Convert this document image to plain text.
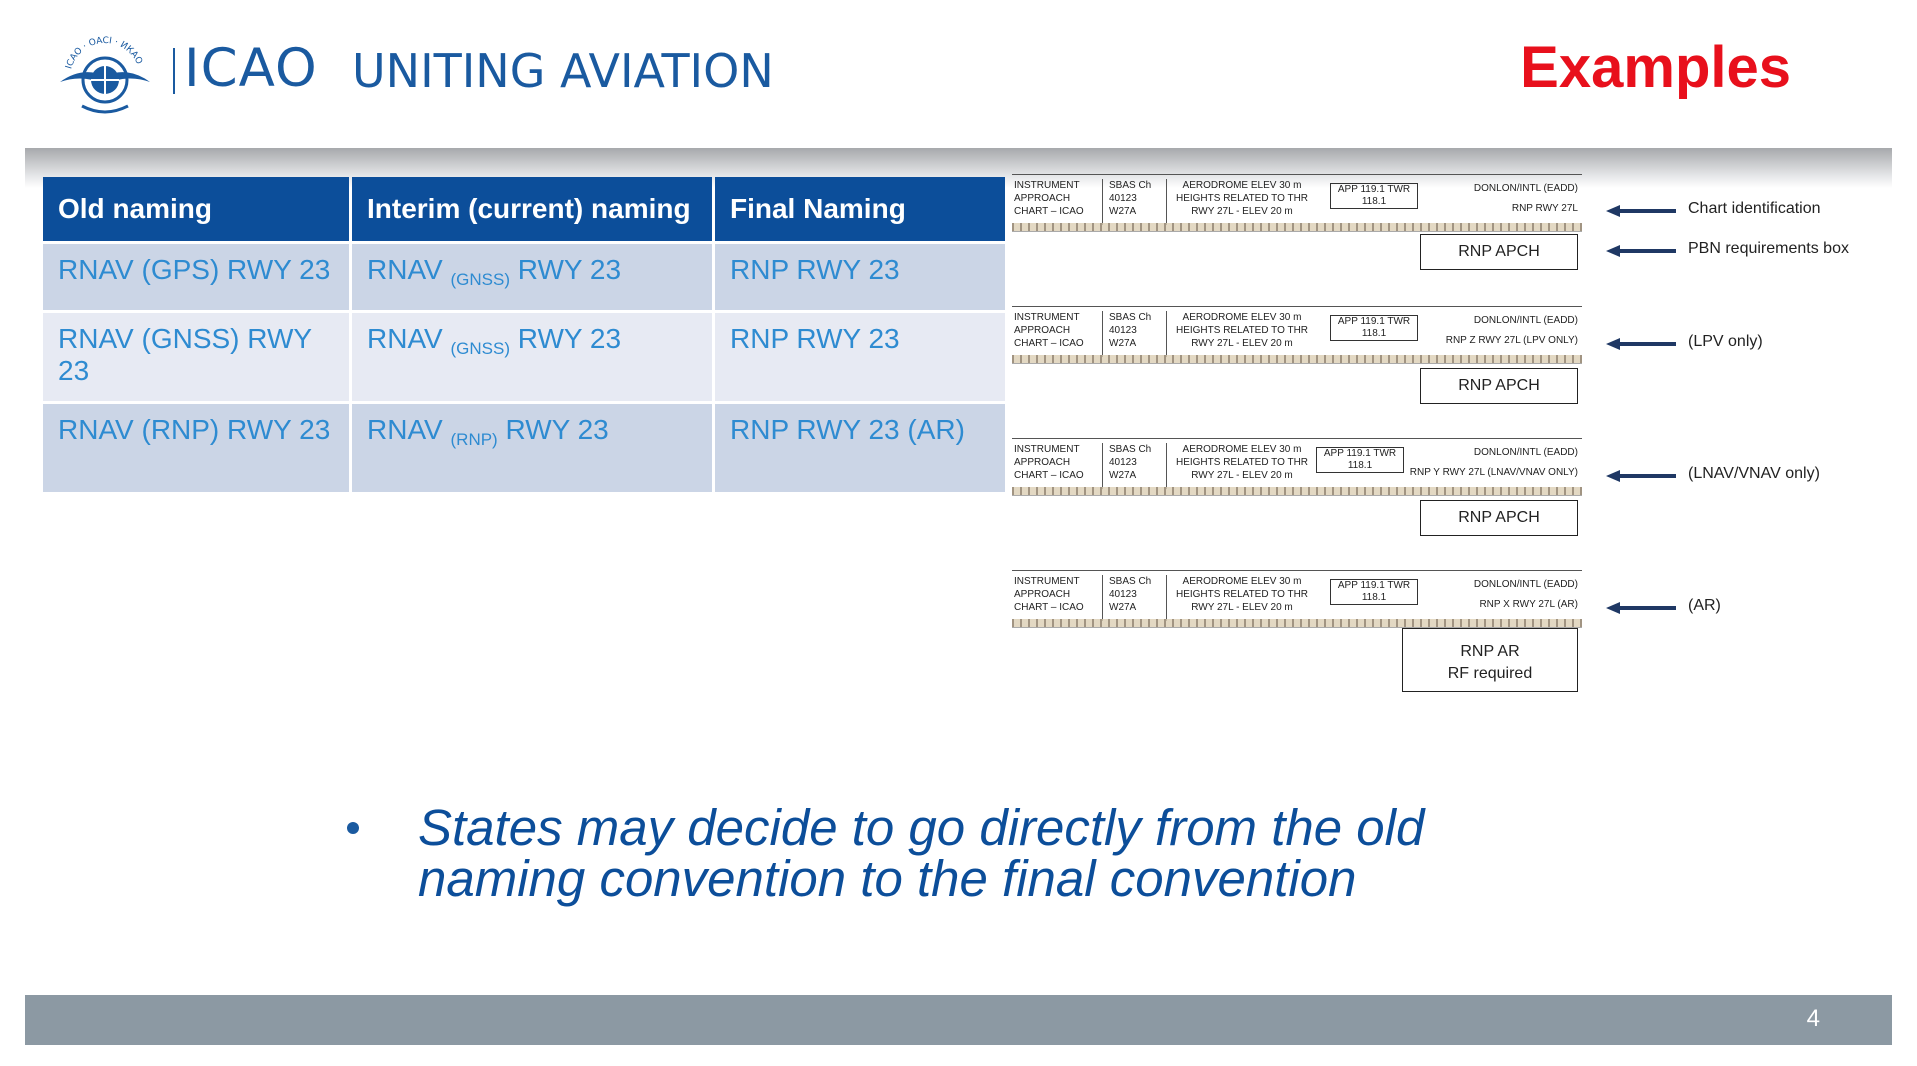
ICAO · OACI · ИКАО ICAO UNITING AVIATION	Examples
Old naming	Interim (current) naming	Final Naming

RNAV (GPS) RWY 23	RNAV $_{(GNSS)}$ RWY 23	RNP RWY 23

RNAV (GNSS) RWY 23	RNAV $_{(GNSS)}$ RWY 23	RNP RWY 23

RNAV (RNP) RWY 23	RNAV $_{(RNP)}$ RWY 23	RNP RWY 23 (AR)
INSTRUMENT APPROACH CHART – ICAO
SBAS Ch 40123 W27A
AERODROME ELEV 30 m HEIGHTS RELATED TO THR RWY 27L - ELEV 20 m
APP 119.1 TWR 118.1
DONLON/INTL (EADD)
RNP RWY 27L
RNP APCH
Chart identification
PBN requirements box
INSTRUMENT APPROACH CHART – ICAO
SBAS Ch 40123 W27A
AERODROME ELEV 30 m HEIGHTS RELATED TO THR RWY 27L - ELEV 20 m
APP 119.1 TWR 118.1
DONLON/INTL (EADD)
RNP Z RWY 27L (LPV ONLY)
RNP APCH
(LPV only)
INSTRUMENT APPROACH CHART – ICAO
SBAS Ch 40123 W27A
AERODROME ELEV 30 m HEIGHTS RELATED TO THR RWY 27L - ELEV 20 m
APP 119.1 TWR 118.1
DONLON/INTL (EADD)
RNP Y RWY 27L (LNAV/VNAV ONLY)
RNP APCH
(LNAV/VNAV only)
INSTRUMENT APPROACH CHART – ICAO
SBAS Ch 40123 W27A
AERODROME ELEV 30 m HEIGHTS RELATED TO THR RWY 27L - ELEV 20 m
APP 119.1 TWR 118.1
DONLON/INTL (EADD)
RNP X RWY 27L (AR)
RNP AR
RF required
(AR)
States may decide to go directly from the old naming convention to the final convention
4
